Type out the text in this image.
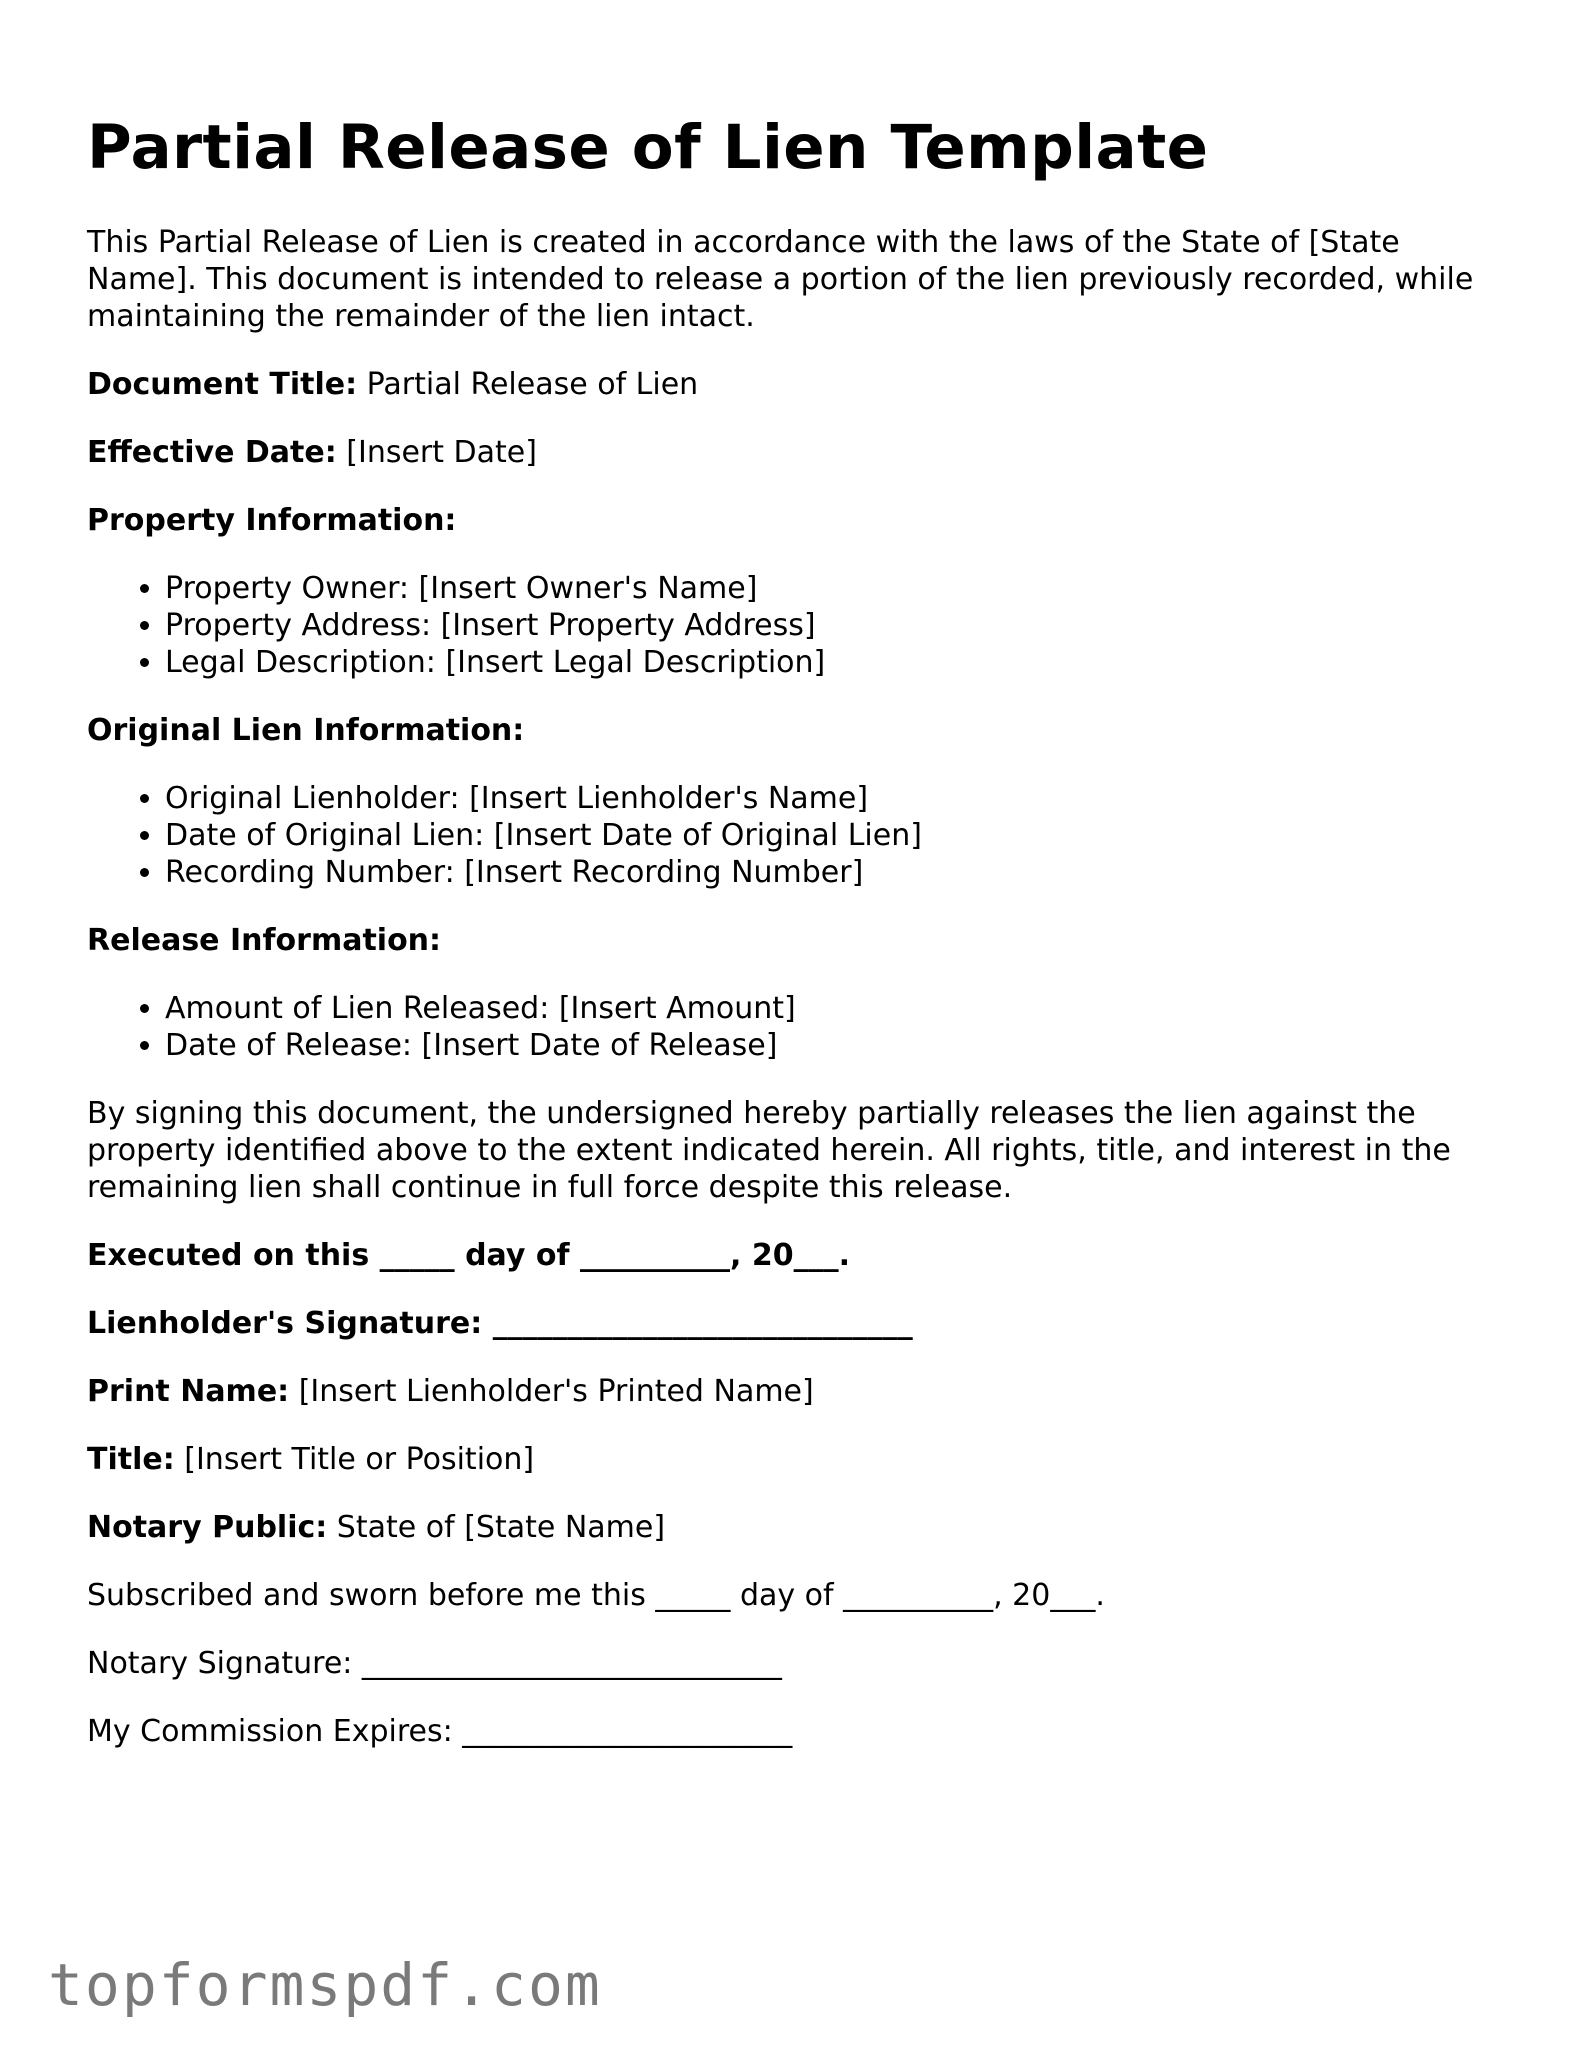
Partial Release of Lien Template

This Partial Release of Lien is created in accordance with the laws of the State of [State Name]. This document is intended to release a portion of the lien previously recorded, while maintaining the remainder of the lien intact.

Document Title: Partial Release of Lien

Effective Date: [Insert Date]

Property Information:

• Property Owner: [Insert Owner's Name]
• Property Address: [Insert Property Address]
• Legal Description: [Insert Legal Description]

Original Lien Information:

• Original Lienholder: [Insert Lienholder's Name]
• Date of Original Lien: [Insert Date of Original Lien]
• Recording Number: [Insert Recording Number]

Release Information:

• Amount of Lien Released: [Insert Amount]
• Date of Release: [Insert Date of Release]

By signing this document, the undersigned hereby partially releases the lien against the property identified above to the extent indicated herein. All rights, title, and interest in the remaining lien shall continue in full force despite this release.

Executed on this _____ day of __________, 20___.

Lienholder's Signature: ____________________________

Print Name: [Insert Lienholder's Printed Name]

Title: [Insert Title or Position]

Notary Public: State of [State Name]

Subscribed and sworn before me this _____ day of __________, 20___.

Notary Signature: ____________________________

My Commission Expires: ______________________

topformspdf.com
